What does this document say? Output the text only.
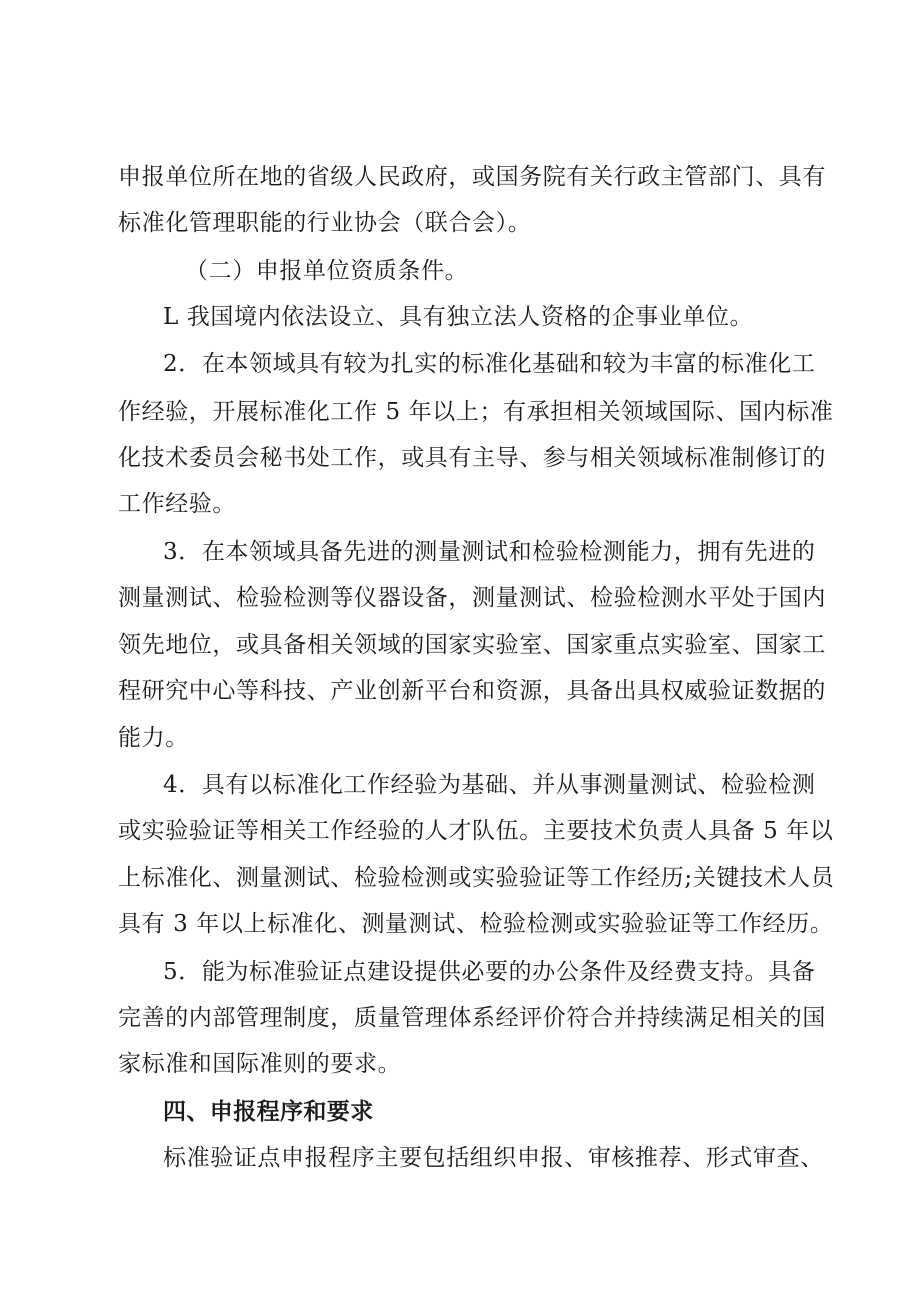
申报单位所在地的省级人民政府，或国务院有关行政主管部门、具有
标准化管理职能的行业协会（联合会）。
（二）申报单位资质条件。
L 我国境内依法设立、具有独立法人资格的企事业单位。
2．在本领域具有较为扎实的标准化基础和较为丰富的标准化工
作经验，开展标准化工作 5 年以上；有承担相关领域国际、国内标准
化技术委员会秘书处工作，或具有主导、参与相关领域标准制修订的
工作经验。
3．在本领域具备先进的测量测试和检验检测能力，拥有先进的
测量测试、检验检测等仪器设备，测量测试、检验检测水平处于国内
领先地位，或具备相关领域的国家实验室、国家重点实验室、国家工
程研究中心等科技、产业创新平台和资源，具备出具权威验证数据的
能力。
4．具有以标准化工作经验为基础、并从事测量测试、检验检测
或实验验证等相关工作经验的人才队伍。主要技术负责人具备 5 年以
上标准化、测量测试、检验检测或实验验证等工作经历;关键技术人员
具有 3 年以上标准化、测量测试、检验检测或实验验证等工作经历。
5．能为标准验证点建设提供必要的办公条件及经费支持。具备
完善的内部管理制度，质量管理体系经评价符合并持续满足相关的国
家标准和国际准则的要求。
四、申报程序和要求
标准验证点申报程序主要包括组织申报、审核推荐、形式审查、
